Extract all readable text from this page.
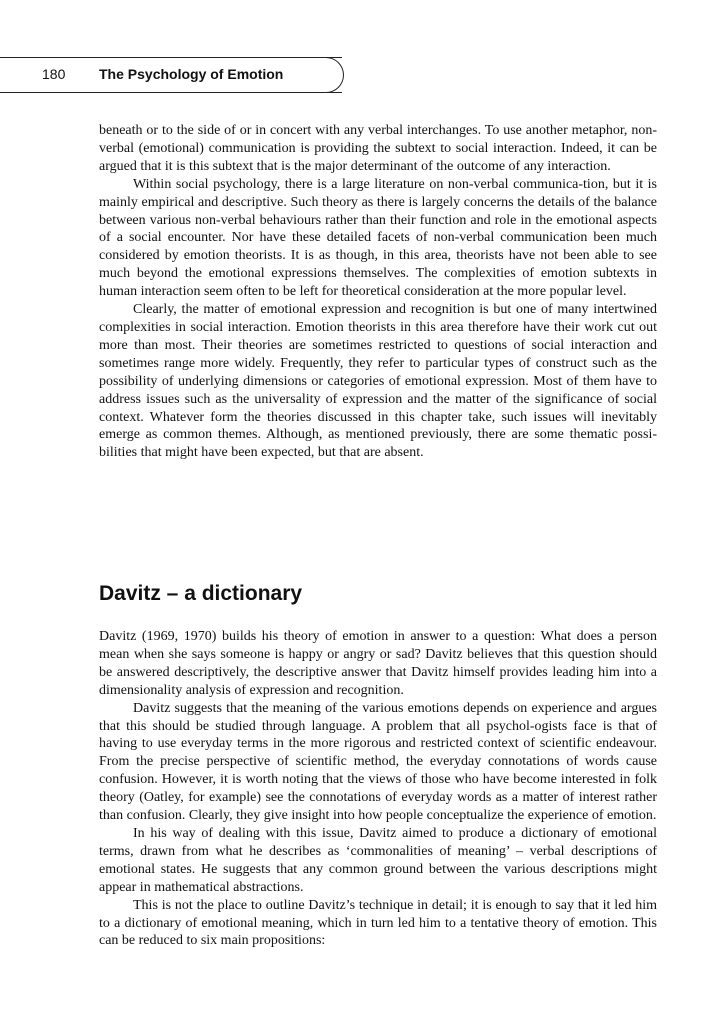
180 The Psychology of Emotion

beneath or to the side of or in concert with any verbal interchanges. To use another metaphor, non-verbal (emotional) communication is providing the subtext to social interaction. Indeed, it can be argued that it is this subtext that is the major determinant of the outcome of any interaction.

Within social psychology, there is a large literature on non-verbal communica-tion, but it is mainly empirical and descriptive. Such theory as there is largely concerns the details of the balance between various non-verbal behaviours rather than their function and role in the emotional aspects of a social encounter. Nor have these detailed facets of non-verbal communication been much considered by emotion theorists. It is as though, in this area, theorists have not been able to see much beyond the emotional expressions themselves. The complexities of emotion subtexts in human interaction seem often to be left for theoretical consideration at the more popular level.

Clearly, the matter of emotional expression and recognition is but one of many intertwined complexities in social interaction. Emotion theorists in this area therefore have their work cut out more than most. Their theories are sometimes restricted to questions of social interaction and sometimes range more widely. Frequently, they refer to particular types of construct such as the possibility of underlying dimensions or categories of emotional expression. Most of them have to address issues such as the universality of expression and the matter of the significance of social context. Whatever form the theories discussed in this chapter take, such issues will inevitably emerge as common themes. Although, as mentioned previously, there are some thematic possi-bilities that might have been expected, but that are absent.

Davitz – a dictionary

Davitz (1969, 1970) builds his theory of emotion in answer to a question: What does a person mean when she says someone is happy or angry or sad? Davitz believes that this question should be answered descriptively, the descriptive answer that Davitz himself provides leading him into a dimensionality analysis of expression and recognition.

Davitz suggests that the meaning of the various emotions depends on experience and argues that this should be studied through language. A problem that all psychol-ogists face is that of having to use everyday terms in the more rigorous and restricted context of scientific endeavour. From the precise perspective of scientific method, the everyday connotations of words cause confusion. However, it is worth noting that the views of those who have become interested in folk theory (Oatley, for example) see the connotations of everyday words as a matter of interest rather than confusion. Clearly, they give insight into how people conceptualize the experience of emotion.

In his way of dealing with this issue, Davitz aimed to produce a dictionary of emotional terms, drawn from what he describes as ‘commonalities of meaning’ – verbal descriptions of emotional states. He suggests that any common ground between the various descriptions might appear in mathematical abstractions.

This is not the place to outline Davitz’s technique in detail; it is enough to say that it led him to a dictionary of emotional meaning, which in turn led him to a tentative theory of emotion. This can be reduced to six main propositions:
